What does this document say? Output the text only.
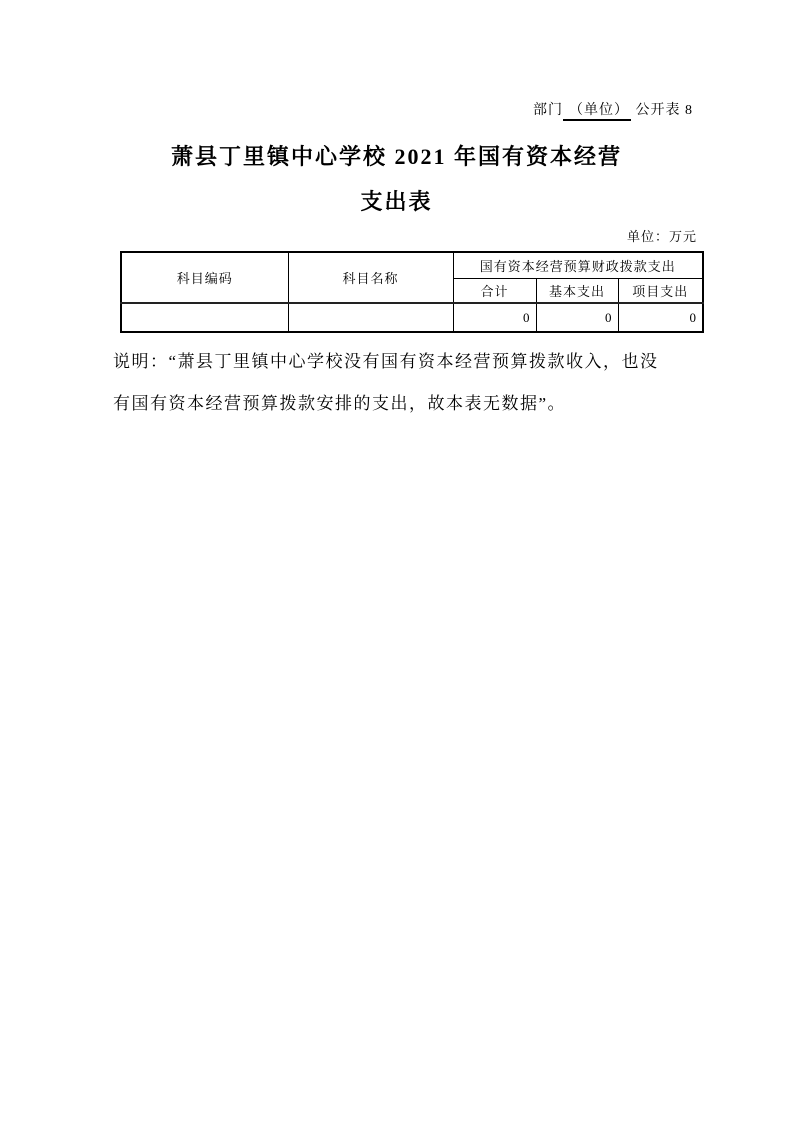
部门 （单位） 公开表 8
萧县丁里镇中心学校 2021 年国有资本经营
支出表
单位：万元
科目编码	科目名称	国有资本经营预算财政拨款支出		
		合计	基本支出	项目支出
		0	0	0
说明：“萧县丁里镇中心学校没有国有资本经营预算拨款收入，也没
有国有资本经营预算拨款安排的支出，故本表无数据”。
